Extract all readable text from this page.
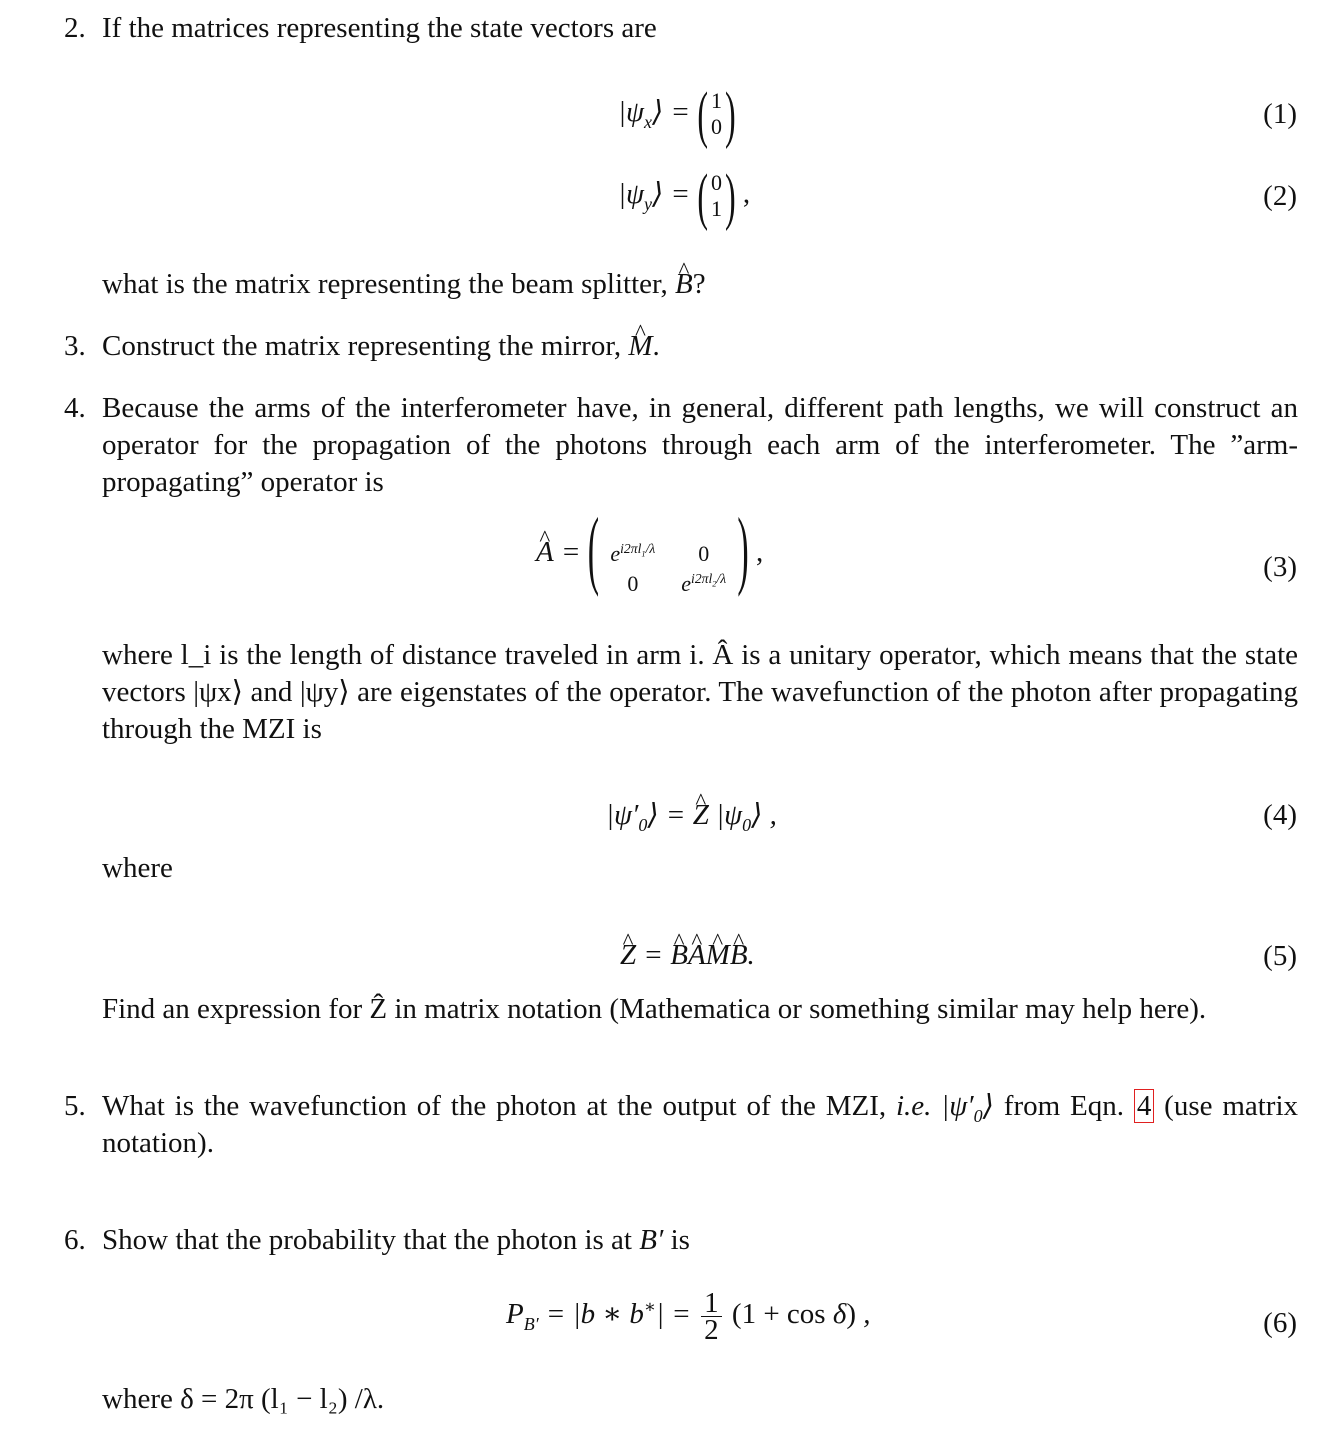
2. If the matrices representing the state vectors are
$|\psi_x⟩$ = ( 1
0 )	(1)
$|\psi_y⟩$ = ( 0
1 ) ,	(2)
what is the matrix representing the beam splitter, ^ B?
3. Construct the matrix representing the mirror, ^ M.
4. Because the arms of the interferometer have, in general, different path lengths, we will construct an operator for the propagation of the photons through each arm of the interferometer. The ”arm-propagating” operator is
^ A = ( $e^{i2\pi l_1/\lambda}$	0
0	$e^{i2\pi l_2/\lambda}$ ) ,	(3)
where l_i is the length of distance traveled in arm i. Â is a unitary operator, which means that the state vectors |ψx⟩ and |ψy⟩ are eigenstates of the operator. The wavefunction of the photon after propagating through the MZI is
$|\psi'_0⟩$ = ^ Z $|\psi_0⟩$ ,	(4)
where
^ Z = ^ B^ A^ M^ B.	(5)
Find an expression for Ẑ in matrix notation (Mathematica or something similar may help here).
5. What is the wavefunction of the photon at the output of the MZI, i.e. $|\psi'_0⟩$ from Eqn. 4 (use matrix notation).
6. Show that the probability that the photon is at B′ is
$P_{B'} = |b$ ∗ $b^∗| = \frac{1}{2} (1 + \cos \delta)$ ,	(6)
where δ = 2π (l₁ − l₂) /λ.
